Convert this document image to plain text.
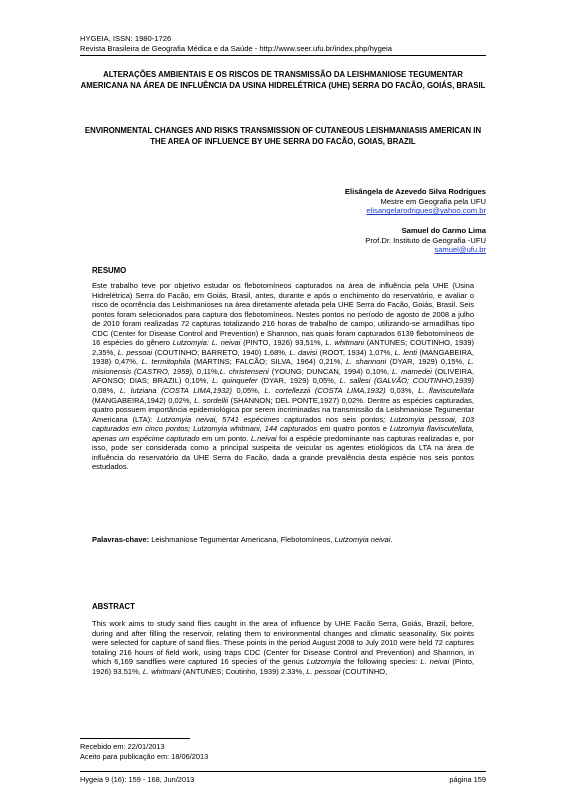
HYGEIA, ISSN: 1980-1726
Revista Brasileira de Geografia Médica e da Saúde - http://www.seer.ufu.br/index.php/hygeia
ALTERAÇÕES AMBIENTAIS E OS RISCOS DE TRANSMISSÃO DA LEISHMANIOSE TEGUMENTAR AMERICANA NA ÁREA DE INFLUÊNCIA DA USINA HIDRELÉTRICA (UHE) SERRA DO FACÃO, GOIÁS, BRASIL
ENVIRONMENTAL CHANGES AND RISKS TRANSMISSION OF CUTANEOUS LEISHMANIASIS AMERICAN IN THE AREA OF INFLUENCE BY UHE SERRA DO FACÃO, GOIAS, BRAZIL
Elisângela de Azevedo Silva Rodrigues
Mestre em Geografia pela UFU
elisangelarodrigues@yahoo.com.br
Samuel do Carmo Lima
Prof.Dr. Instituto de Geografia -UFU
samuel@ufu.br
RESUMO
Este trabalho teve por objetivo estudar os flebotomíneos capturados na área de influência pela UHE (Usina Hidrelétrica) Serra do Facão, em Goiás, Brasil, antes, durante e após o enchimento do reservatório, e avaliar o risco de ocorrência das Leishmanioses na área diretamente afetada pela UHE Serra do Facão, Goiás, Brasil. Seis pontos foram selecionados para captura dos flebotomíneos. Nestes pontos no período de agosto de 2008 a julho de 2010 foram realizadas 72 capturas totalizando 216 horas de trabalho de campo, utilizando-se armadilhas tipo CDC (Center for Disease Control and Prevention) e Shannon, nas quais foram capturados 6139 flebotomíneos de 16 espécies do gênero Lutzomyia: L. neivai (PINTO, 1926) 93,51%, L. whitmani (ANTUNES; COUTINHO, 1939) 2,35%, L. pessoai (COUTINHO; BARRETO, 1940) 1,68%, L. davisi (ROOT, 1934) 1,07%, L. lenti (MANGABEIRA, 1938) 0,47%, L. termitophila (MARTINS; FALCÃO; SILVA, 1964) 0,21%, L. shannoni (DYAR, 1929) 0,15%, L. misionensis (CASTRO, 1959), 0,11%,L. christenseni (YOUNG; DUNCAN, 1994) 0,10%, L. mamedei (OLIVEIRA, AFONSO; DIAS; BRAZIL) 0,10%, L. quinquefer (DYAR, 1929) 0,05%, L. sallesi (GALVÃO; COUTINHO,1939) 0,08%, L. lutziana (COSTA LIMA,1932) 0,05%, L. cortellezzii (COSTA LIMA,1932) 0,03%, L. flaviscutellata (MANGABEIRA,1942) 0,02%, L. sordellii (SHANNON; DEL PONTE,1927) 0,02%. Dentre as espécies capturadas, quatro possuem importância epidemiológica por serem incriminadas na transmissão da Leishmaniose Tegumentar Americana (LTA): Lutzomyia neivai, 5741 espécimes capturados nos seis pontos; Lutzomyia pessoai, 103 capturados em cinco pontos; Lutzomyia whitmani, 144 capturados em quatro pontos e Lutzomyia flaviscutellata, apenas um espécime capturado em um ponto. L.neivai foi a espécie predominante nas capturas realizadas e, por isso, pode ser considerada como a principal suspeita de veicular os agentes etiológicos da LTA na área de influência do reservatório da UHE Serra do Facão, dada a grande prevalência desta espécie nos seis pontos estudados.
Palavras-chave: Leishmaniose Tegumentar Americana, Flebotomíneos, Lutzomyia neivai.
ABSTRACT
This work aims to study sand flies caught in the area of influence by UHE Facão Serra, Goiás, Brazil, before, during and after filling the reservoir, relating them to environmental changes and climatic seasonality. Six points were selected for capture of sand flies. These points in the period August 2008 to July 2010 were held 72 captures totaling 216 hours of field work, using traps CDC (Center for Disease Control and Prevention) and Shannon, in which 6,169 sandflies were captured 16 species of the genus Lutzomyia the following species: L. neivai (Pinto, 1926) 93.51%, L. whitmani (ANTUNES; Coutinho, 1939) 2.33%, L. pessoai (COUTINHO,
Recebido em: 22/01/2013
Aceito para publicação em: 18/06/2013
Hygeia 9 (16): 159 - 168, Jun/2013	página 159
